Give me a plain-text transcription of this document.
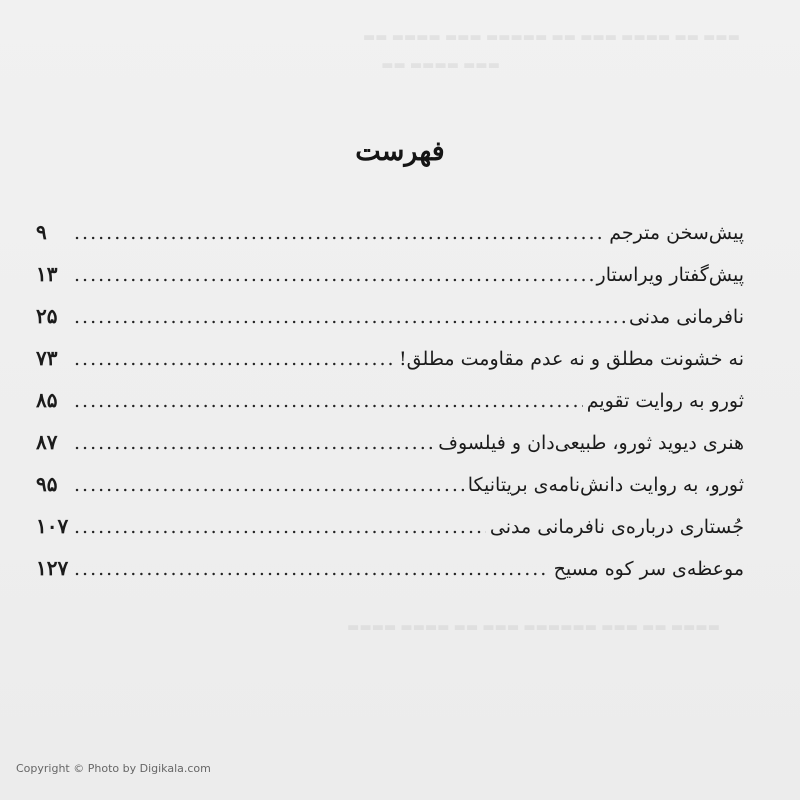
▬▬▬ ▬▬ ▬▬▬▬ ▬▬▬ ▬▬ ▬▬▬▬▬ ▬▬▬ ▬▬▬▬ ▬▬
▬▬▬ ▬▬▬▬ ▬▬
▬▬▬▬ ▬▬ ▬▬▬ ▬▬▬▬▬▬ ▬▬▬ ▬▬ ▬▬▬▬ ▬▬▬▬
فهرست
پیش‌سخن مترجم
.....
۹
پیش‌گفتار ویراستار
.....
۱۳
نافرمانی مدنی
.....
۲۵
نه خشونت مطلق و نه عدم مقاومت مطلق!
.....
۷۳
ثورو به روایت تقویم
.....
۸۵
هنری دیوید ثورو، طبیعی‌دان و فیلسوف
.....
۸۷
ثورو، به روایت دانش‌نامه‌ی بریتانیکا
.....
۹۵
جُستاری درباره‌ی نافرمانی مدنی
.....
۱۰۷
موعظه‌ی سر کوه مسیح
.....
۱۲۷
Copyright © Photo by Digikala.com
